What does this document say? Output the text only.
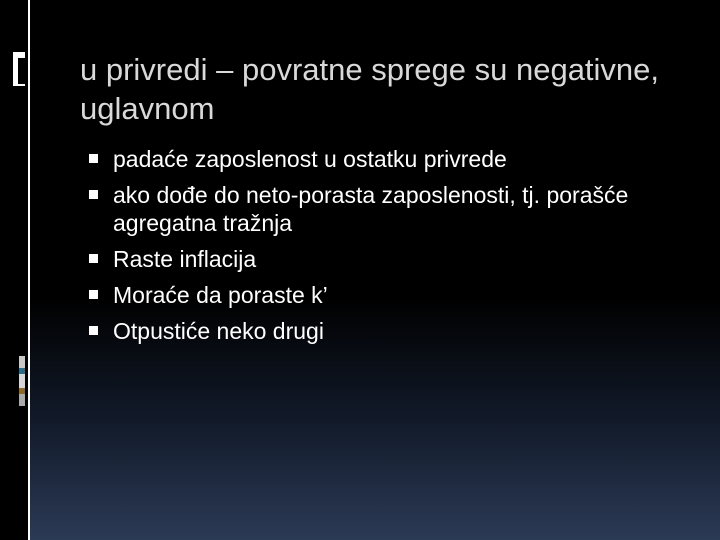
u privredi – povratne sprege su negativne, uglavnom
padaće zaposlenost u ostatku privrede
ako dođe do neto-porasta zaposlenosti, tj. porašće agregatna tražnja
Raste inflacija
Moraće da poraste k’
Otpustiće neko drugi
